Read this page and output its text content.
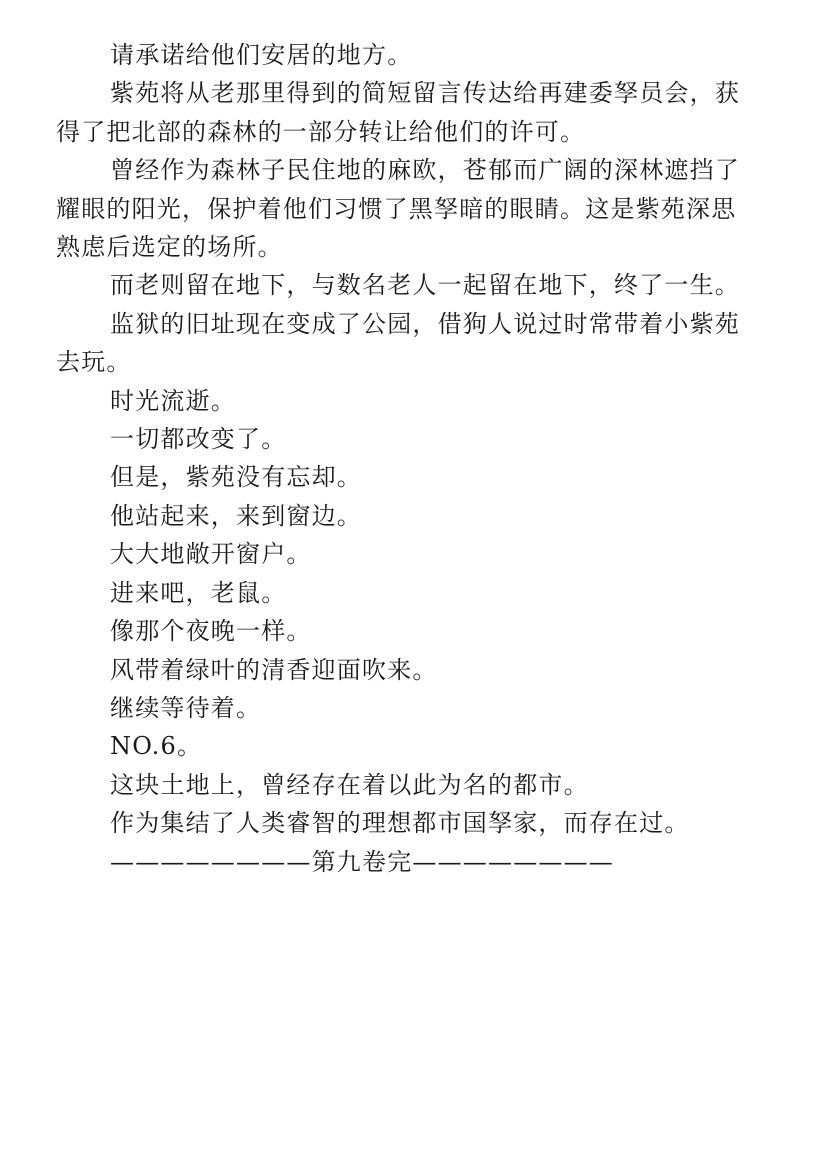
请承诺给他们安居的地方。

紫苑将从老那里得到的简短留言传达给再建委孥员会，获得了把北部的森林的一部分转让给他们的许可。

曾经作为森林子民住地的麻欧，苍郁而广阔的深林遮挡了耀眼的阳光，保护着他们习惯了黑孥暗的眼睛。这是紫苑深思熟虑后选定的场所。

而老则留在地下，与数名老人一起留在地下，终了一生。

监狱的旧址现在变成了公园，借狗人说过时常带着小紫苑去玩。

时光流逝。

一切都改变了。

但是，紫苑没有忘却。

他站起来，来到窗边。

大大地敞开窗户。

进来吧，老鼠。

像那个夜晚一样。

风带着绿叶的清香迎面吹来。

继续等待着。

NO.6。

这块土地上，曾经存在着以此为名的都市。

作为集结了人类睿智的理想都市国孥家，而存在过。

————————第九卷完————————
